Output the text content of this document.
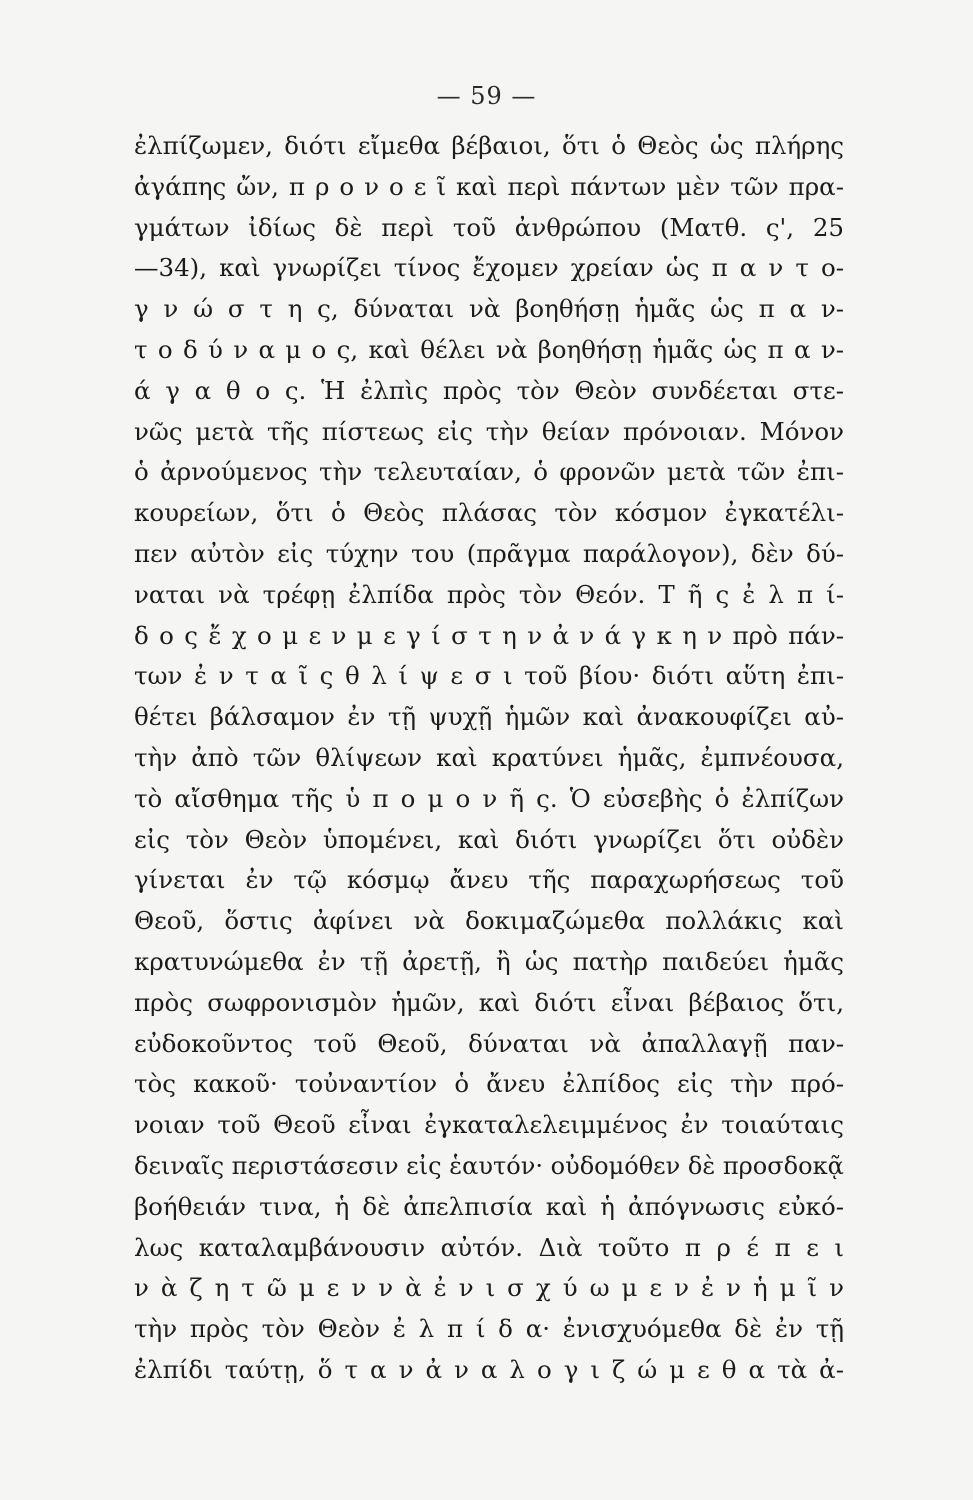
— 59 —
ἐλπίζωμεν, διότι εἴμεθα βέβαιοι, ὅτι ὁ Θεὸς ὡς πλήρης
ἀγάπης ὤν, π ρ ο ν ο ε ῖ καὶ περὶ πάντων μὲν τῶν πρα-
γμάτων ἰδίως δὲ περὶ τοῦ ἀνθρώπου (Ματθ. ς', 25
—34), καὶ γνωρίζει τίνος ἔχομεν χρείαν ὡς π α ν τ ο-
γ ν ώ σ τ η ς, δύναται νὰ βοηθήσῃ ἡμᾶς ὡς π α ν-
τ ο δ ύ ν α μ ο ς, καὶ θέλει νὰ βοηθήσῃ ἡμᾶς ὡς π α ν-
ά γ α θ ο ς. Ἡ ἐλπὶς πρὸς τὸν Θεὸν συνδέεται στε-
νῶς μετὰ τῆς πίστεως εἰς τὴν θείαν πρόνοιαν. Μόνον
ὁ ἀρνούμενος τὴν τελευταίαν, ὁ φρονῶν μετὰ τῶν ἐπι-
κουρείων, ὅτι ὁ Θεὸς πλάσας τὸν κόσμον ἐγκατέλι-
πεν αὐτὸν εἰς τύχην του (πρᾶγμα παράλογον), δὲν δύ-
ναται νὰ τρέφῃ ἐλπίδα πρὸς τὸν Θεόν. Τ ῆ ς ἐ λ π ί-
δ ο ς ἔ χ ο μ ε ν μ ε γ ί σ τ η ν ἀ ν ά γ κ η ν πρὸ πάν-
των ἐ ν τ α ῖ ς θ λ ί ψ ε σ ι τοῦ βίου· διότι αὕτη ἐπι-
θέτει βάλσαμον ἐν τῇ ψυχῇ ἡμῶν καὶ ἀνακουφίζει αὐ-
τὴν ἀπὸ τῶν θλίψεων καὶ κρατύνει ἡμᾶς, ἐμπνέουσα,
τὸ αἴσθημα τῆς ὑ π ο μ ο ν ῆ ς. Ὁ εὐσεβὴς ὁ ἐλπίζων
εἰς τὸν Θεὸν ὑπομένει, καὶ διότι γνωρίζει ὅτι οὐδὲν
γίνεται ἐν τῷ κόσμῳ ἄνευ τῆς παραχωρήσεως τοῦ
Θεοῦ, ὅστις ἀφίνει νὰ δοκιμαζώμεθα πολλάκις καὶ
κρατυνώμεθα ἐν τῇ ἀρετῇ, ἢ ὡς πατὴρ παιδεύει ἡμᾶς
πρὸς σωφρονισμὸν ἡμῶν, καὶ διότι εἶναι βέβαιος ὅτι,
εὐδοκοῦντος τοῦ Θεοῦ, δύναται νὰ ἀπαλλαγῇ παν-
τὸς κακοῦ· τοὐναντίον ὁ ἄνευ ἐλπίδος εἰς τὴν πρό-
νοιαν τοῦ Θεοῦ εἶναι ἐγκαταλελειμμένος ἐν τοιαύταις
δειναῖς περιστάσεσιν εἰς ἑαυτόν· οὐδομόθεν δὲ προσδοκᾷ
βοήθειάν τινα, ἡ δὲ ἀπελπισία καὶ ἡ ἀπόγνωσις εὐκό-
λως καταλαμβάνουσιν αὐτόν. Διὰ τοῦτο π ρ έ π ε ι
ν ὰ ζ η τ ῶ μ ε ν ν ὰ ἐ ν ι σ χ ύ ω μ ε ν ἐ ν ἡ μ ῖ ν
τὴν πρὸς τὸν Θεὸν ἐ λ π ί δ α· ἐνισχυόμεθα δὲ ἐν τῇ
ἐλπίδι ταύτῃ, ὅ τ α ν ἀ ν α λ ο γ ι ζ ώ μ ε θ α τὰ ἀ-
